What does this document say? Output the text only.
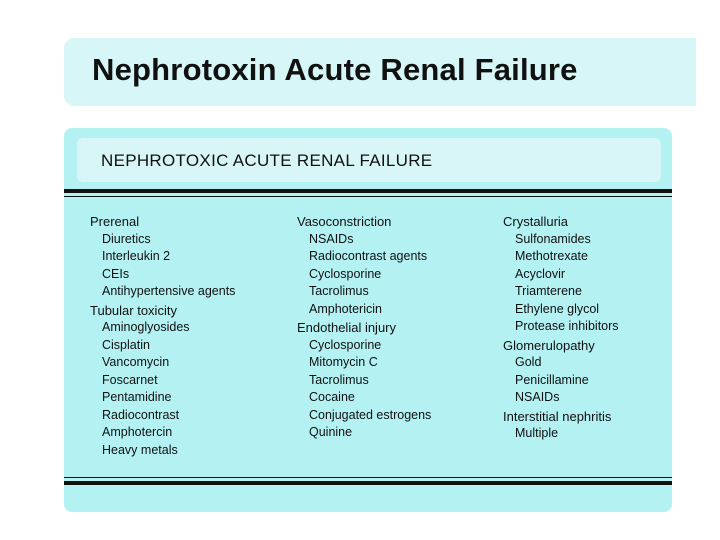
Nephrotoxin Acute Renal Failure
NEPHROTOXIC ACUTE RENAL FAILURE
Prerenal
Diuretics
Interleukin 2
CEIs
Antihypertensive agents
Tubular toxicity
Aminoglyosides
Cisplatin
Vancomycin
Foscarnet
Pentamidine
Radiocontrast
Amphotercin
Heavy metals
Vasoconstriction
NSAIDs
Radiocontrast agents
Cyclosporine
Tacrolimus
Amphotericin
Endothelial injury
Cyclosporine
Mitomycin C
Tacrolimus
Cocaine
Conjugated estrogens
Quinine
Crystalluria
Sulfonamides
Methotrexate
Acyclovir
Triamterene
Ethylene glycol
Protease inhibitors
Glomerulopathy
Gold
Penicillamine
NSAIDs
Interstitial nephritis
Multiple
